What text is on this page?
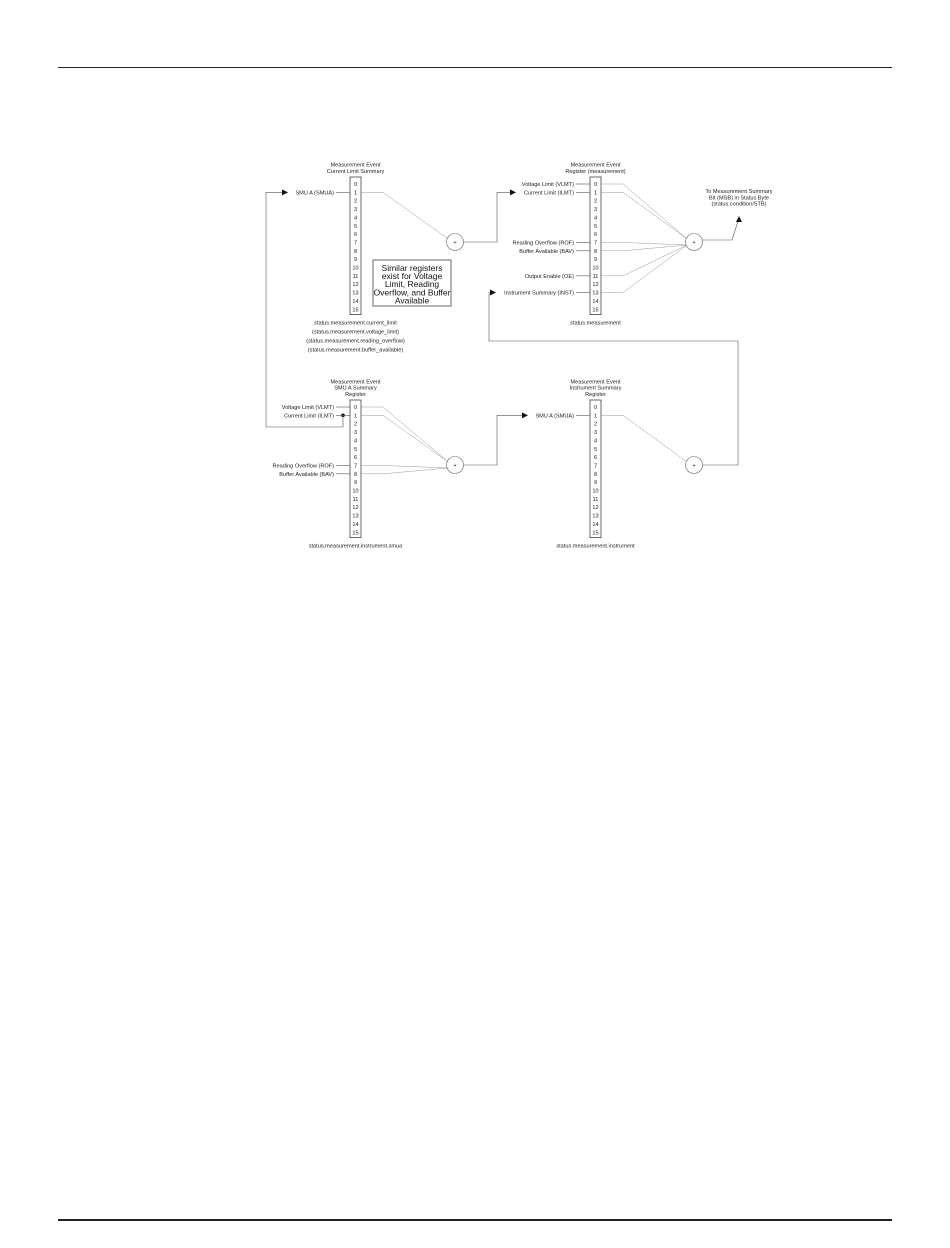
+	+
+	+
To Measurement Summary
Bit (MSB) in Status Byte
(status.condition/STB)
0
1
2
3
4
5
6
7
8
9
10
11
12
13
14
15
Measurement Event
Current Limit Summary
status.measurement.current_limit
(status.measurement.voltage_limit)
(status.measurement.reading_overflow)
(status.measurement.buffer_available)
SMU A (SMUA)
0
1
2
3
4
5
6
7
8
9
10
11
12
13
14
15
Measurement Event
Register (measurement)
status.measurement
Voltage Limit (VLMT)
Current Limit (ILMT)
Reading Overflow (ROF)
Buffer Available (BAV)
Output Enable (OE)
Instrument Summary (INST)
0
1
2
3
4
5
6
7
8
9
10
11
12
13
14
15
Measurement Event
SMU A Summary
Register
status.measurement.instrument.smua
Voltage Limit (VLMT)
Current Limit (ILMT)
Reading Overflow (ROF)
Buffer Available (BAV)
0
1
2
3
4
5
6
7
8
9
10
11
12
13
14
15
Measurement Event
Instrument Summary
Register
status.measurement.instrument
SMU A (SMUA)
Similar registers
exist for Voltage
Limit, Reading
Overflow, and Buffer
Available
